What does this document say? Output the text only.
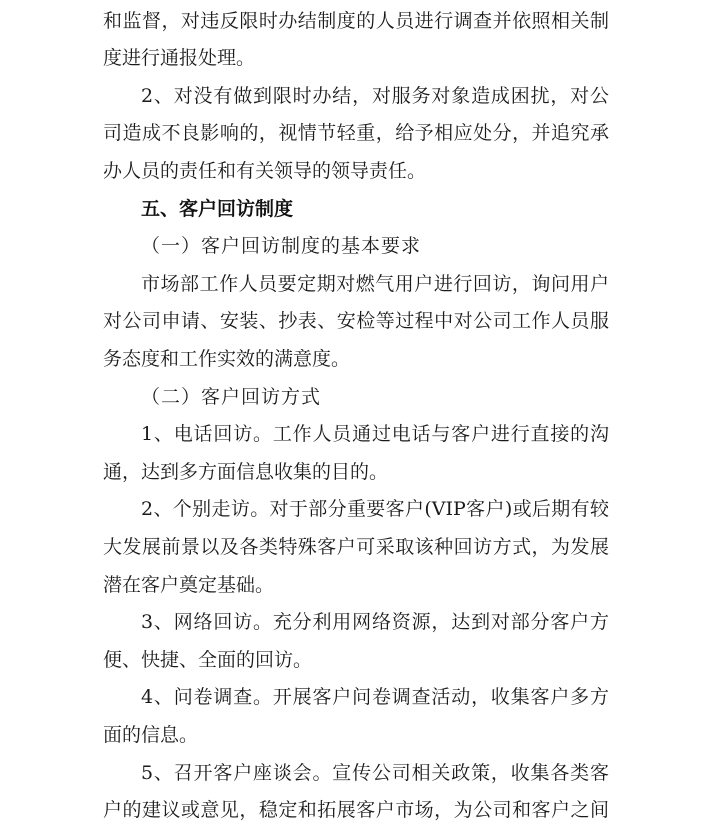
和监督，对违反限时办结制度的人员进行调查并依照相关制
度进行通报处理。
2、对没有做到限时办结，对服务对象造成困扰，对公
司造成不良影响的，视情节轻重，给予相应处分，并追究承
办人员的责任和有关领导的领导责任。
五、客户回访制度
（一）客户回访制度的基本要求
市场部工作人员要定期对燃气用户进行回访，询问用户
对公司申请、安装、抄表、安检等过程中对公司工作人员服
务态度和工作实效的满意度。
（二）客户回访方式
1、电话回访。工作人员通过电话与客户进行直接的沟
通，达到多方面信息收集的目的。
2、个别走访。对于部分重要客户(VIP客户)或后期有较
大发展前景以及各类特殊客户可采取该种回访方式，为发展
潜在客户奠定基础。
3、网络回访。充分利用网络资源，达到对部分客户方
便、快捷、全面的回访。
4、问卷调查。开展客户问卷调查活动，收集客户多方
面的信息。
5、召开客户座谈会。宣传公司相关政策，收集各类客
户的建议或意见，稳定和拓展客户市场，为公司和客户之间
